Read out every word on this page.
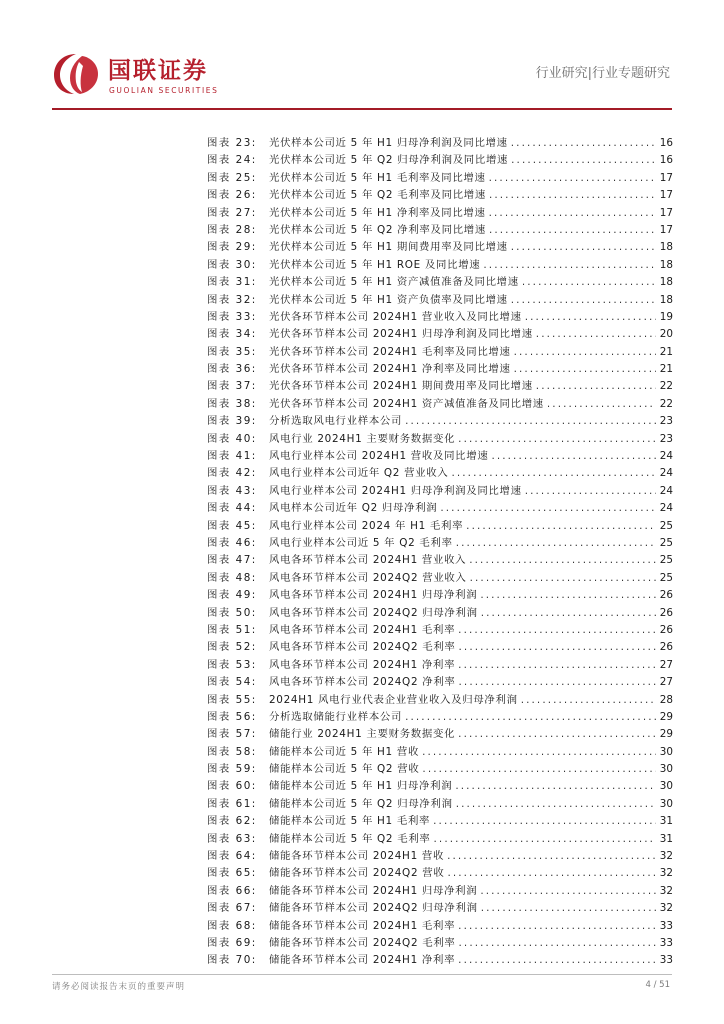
国联证券
GUOLIAN SECURITIES
行业研究|行业专题研究
图表 23: 光伏样本公司近 5 年 H1 归母净利润及同比增速 .....	16
图表 24: 光伏样本公司近 5 年 Q2 归母净利润及同比增速 .....	16
图表 25: 光伏样本公司近 5 年 H1 毛利率及同比增速 .....	17
图表 26: 光伏样本公司近 5 年 Q2 毛利率及同比增速 .....	17
图表 27: 光伏样本公司近 5 年 H1 净利率及同比增速 .....	17
图表 28: 光伏样本公司近 5 年 Q2 净利率及同比增速 .....	17
图表 29: 光伏样本公司近 5 年 H1 期间费用率及同比增速 .....	18
图表 30: 光伏样本公司近 5 年 H1 ROE 及同比增速 .....	18
图表 31: 光伏样本公司近 5 年 H1 资产减值准备及同比增速 .....	18
图表 32: 光伏样本公司近 5 年 H1 资产负债率及同比增速 .....	18
图表 33: 光伏各环节样本公司 2024H1 营业收入及同比增速 .....	19
图表 34: 光伏各环节样本公司 2024H1 归母净利润及同比增速 .....	20
图表 35: 光伏各环节样本公司 2024H1 毛利率及同比增速 .....	21
图表 36: 光伏各环节样本公司 2024H1 净利率及同比增速 .....	21
图表 37: 光伏各环节样本公司 2024H1 期间费用率及同比增速 .....	22
图表 38: 光伏各环节样本公司 2024H1 资产减值准备及同比增速 .....	22
图表 39: 分析选取风电行业样本公司 .....	23
图表 40: 风电行业 2024H1 主要财务数据变化 .....	23
图表 41: 风电行业样本公司 2024H1 营收及同比增速 .....	24
图表 42: 风电行业样本公司近年 Q2 营业收入 .....	24
图表 43: 风电行业样本公司 2024H1 归母净利润及同比增速 .....	24
图表 44: 风电样本公司近年 Q2 归母净利润 .....	24
图表 45: 风电行业样本公司 2024 年 H1 毛利率 .....	25
图表 46: 风电行业样本公司近 5 年 Q2 毛利率 .....	25
图表 47: 风电各环节样本公司 2024H1 营业收入 .....	25
图表 48: 风电各环节样本公司 2024Q2 营业收入 .....	25
图表 49: 风电各环节样本公司 2024H1 归母净利润 .....	26
图表 50: 风电各环节样本公司 2024Q2 归母净利润 .....	26
图表 51: 风电各环节样本公司 2024H1 毛利率 .....	26
图表 52: 风电各环节样本公司 2024Q2 毛利率 .....	26
图表 53: 风电各环节样本公司 2024H1 净利率 .....	27
图表 54: 风电各环节样本公司 2024Q2 净利率 .....	27
图表 55: 2024H1 风电行业代表企业营业收入及归母净利润 .....	28
图表 56: 分析选取储能行业样本公司 .....	29
图表 57: 储能行业 2024H1 主要财务数据变化 .....	29
图表 58: 储能样本公司近 5 年 H1 营收 .....	30
图表 59: 储能样本公司近 5 年 Q2 营收 .....	30
图表 60: 储能样本公司近 5 年 H1 归母净利润 .....	30
图表 61: 储能样本公司近 5 年 Q2 归母净利润 .....	30
图表 62: 储能样本公司近 5 年 H1 毛利率 .....	31
图表 63: 储能样本公司近 5 年 Q2 毛利率 .....	31
图表 64: 储能各环节样本公司 2024H1 营收 .....	32
图表 65: 储能各环节样本公司 2024Q2 营收 .....	32
图表 66: 储能各环节样本公司 2024H1 归母净利润 .....	32
图表 67: 储能各环节样本公司 2024Q2 归母净利润 .....	32
图表 68: 储能各环节样本公司 2024H1 毛利率 .....	33
图表 69: 储能各环节样本公司 2024Q2 毛利率 .....	33
图表 70: 储能各环节样本公司 2024H1 净利率 .....	33
请务必阅读报告末页的重要声明	4 / 51
